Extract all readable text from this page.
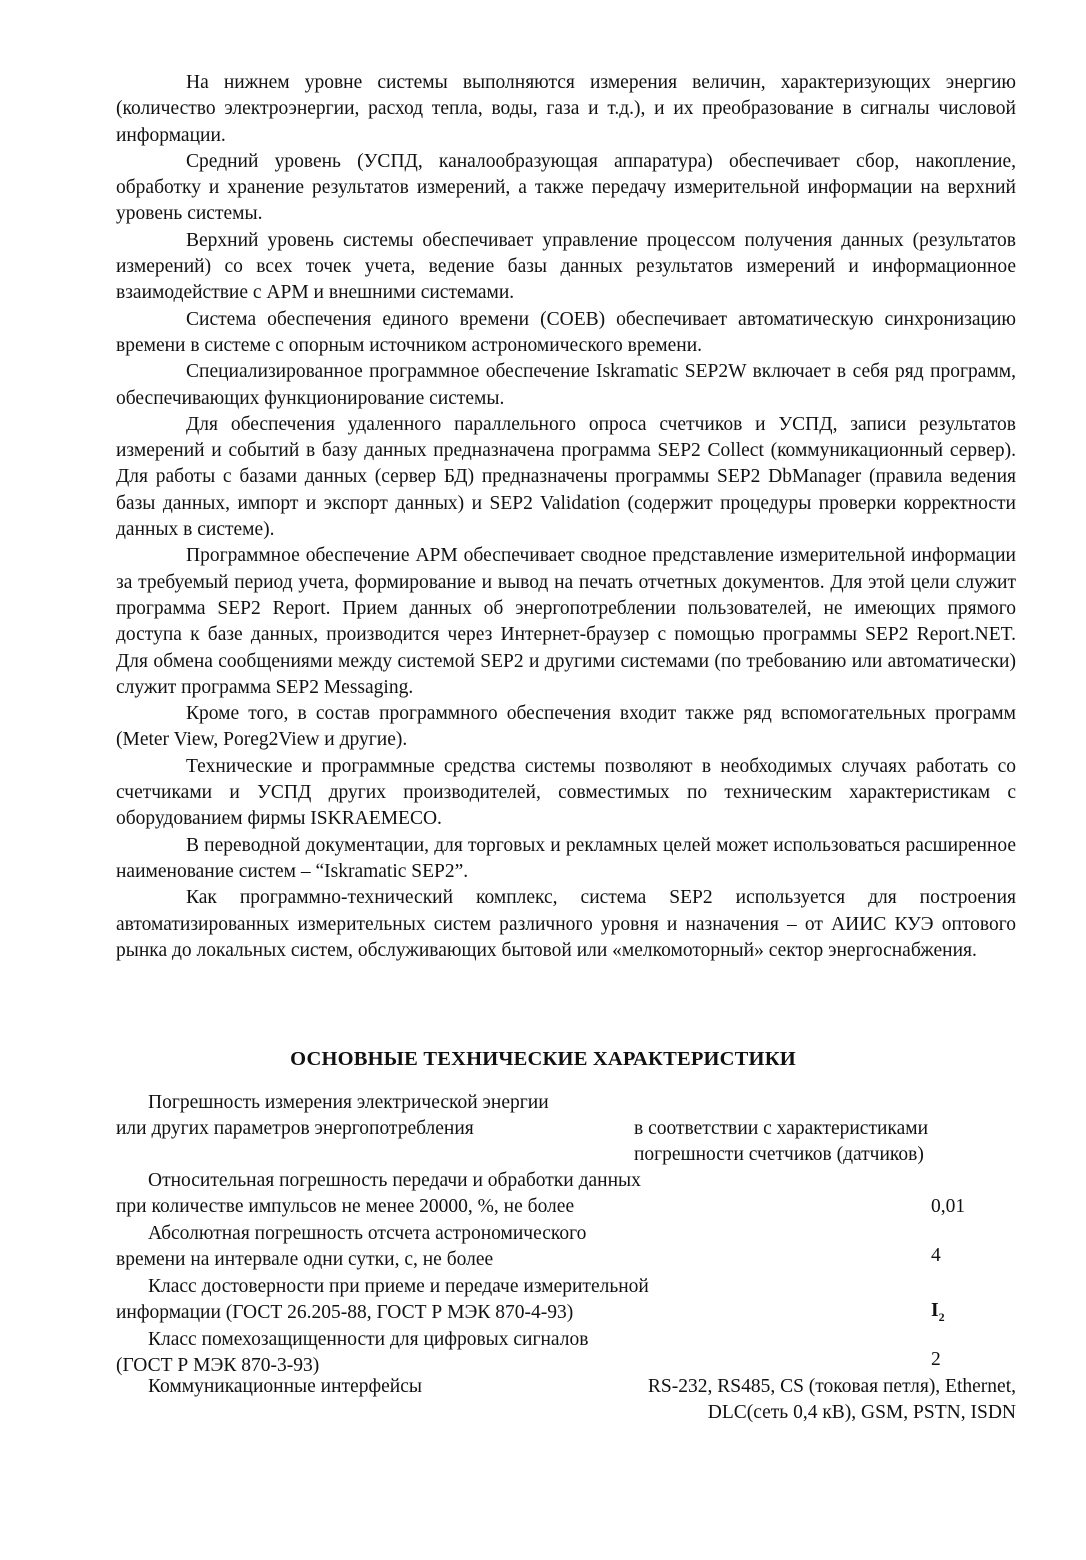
На нижнем уровне системы выполняются измерения величин, характеризующих энергию (количество электроэнергии, расход тепла, воды, газа и т.д.), и их преобразование в сигналы числовой информации.

Средний уровень (УСПД, каналообразующая аппаратура) обеспечивает сбор, накопление, обработку и хранение результатов измерений, а также передачу измерительной информации на верхний уровень системы.

Верхний уровень системы обеспечивает управление процессом получения данных (результатов измерений) со всех точек учета, ведение базы данных результатов измерений и информационное взаимодействие с АРМ и внешними системами.

Система обеспечения единого времени (СОЕВ) обеспечивает автоматическую синхронизацию времени в системе с опорным источником астрономического времени.

Специализированное программное обеспечение Iskramatic SEP2W включает в себя ряд программ, обеспечивающих функционирование системы.

Для обеспечения удаленного параллельного опроса счетчиков и УСПД, записи результатов измерений и событий в базу данных предназначена программа SEP2 Collect (коммуникационный сервер). Для работы с базами данных (сервер БД) предназначены программы SEP2 DbManager (правила ведения базы данных, импорт и экспорт данных) и SEP2 Validation (содержит процедуры проверки корректности данных в системе).

Программное обеспечение АРМ обеспечивает сводное представление измерительной информации за требуемый период учета, формирование и вывод на печать отчетных документов. Для этой цели служит программа SEP2 Report. Прием данных об энергопотреблении пользователей, не имеющих прямого доступа к базе данных, производится через Интернет-браузер с помощью программы SEP2 Report.NET. Для обмена сообщениями между системой SEP2 и другими системами (по требованию или автоматически) служит программа SEP2 Messaging.

Кроме того, в состав программного обеспечения входит также ряд вспомогательных программ (Meter View, Poreg2View и другие).

Технические и программные средства системы позволяют в необходимых случаях работать со счетчиками и УСПД других производителей, совместимых по техническим характеристикам с оборудованием фирмы ISKRAEMECO.

В переводной документации, для торговых и рекламных целей может использоваться расширенное наименование систем – “Iskramatic SEP2”.

Как программно-технический комплекс, система SEP2 используется для построения автоматизированных измерительных систем различного уровня и назначения – от АИИС КУЭ оптового рынка до локальных систем, обслуживающих бытовой или «мелкомоторный» сектор энергоснабжения.

ОСНОВНЫЕ ТЕХНИЧЕСКИЕ ХАРАКТЕРИСТИКИ
Погрешность измерения электрической энергии
или других параметров энергопотребления	в соответствии с характеристиками
погрешности счетчиков (датчиков)
Относительная погрешность передачи и обработки данных
при количестве импульсов не менее 20000, %, не более	0,01
Абсолютная погрешность отсчета астрономического
времени на интервале одни сутки, с, не более	4
Класс достоверности при приеме и передаче измерительной
информации (ГОСТ 26.205-88, ГОСТ Р МЭК 870-4-93)	$I_2$
Класс помехозащищенности для цифровых сигналов
(ГОСТ Р МЭК 870-3-93)	2
Коммуникационные интерфейсы	RS-232, RS485, CS (токовая петля), Ethernet,
DLC(сеть 0,4 кВ), GSM, PSTN, ISDN
